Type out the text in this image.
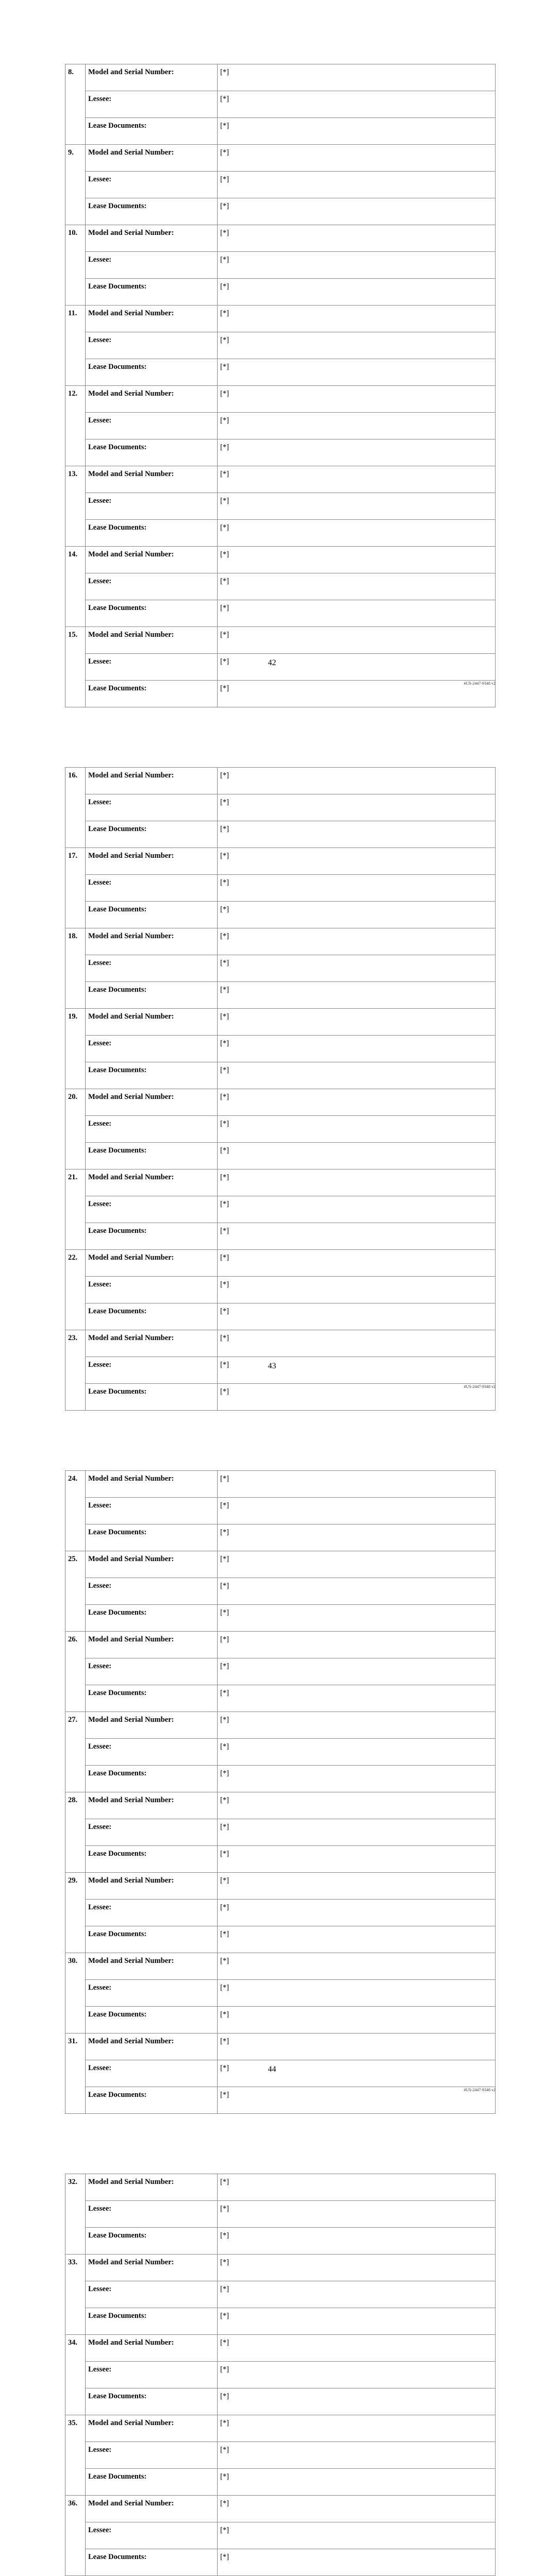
8.	Model and Serial Number:	[*]
	Lessee:	[*]
	Lease Documents:	[*]
9.	Model and Serial Number:	[*]
	Lessee:	[*]
	Lease Documents:	[*]
10.	Model and Serial Number:	[*]
	Lessee:	[*]
	Lease Documents:	[*]
11.	Model and Serial Number:	[*]
	Lessee:	[*]
	Lease Documents:	[*]
12.	Model and Serial Number:	[*]
	Lessee:	[*]
	Lease Documents:	[*]
13.	Model and Serial Number:	[*]
	Lessee:	[*]
	Lease Documents:	[*]
14.	Model and Serial Number:	[*]
	Lessee:	[*]
	Lease Documents:	[*]
15.	Model and Serial Number:	[*]
	Lessee:	[*]
	Lease Documents:	[*]
42
#US-2447-9348 v2
16.	Model and Serial Number:	[*]
	Lessee:	[*]
	Lease Documents:	[*]
17.	Model and Serial Number:	[*]
	Lessee:	[*]
	Lease Documents:	[*]
18.	Model and Serial Number:	[*]
	Lessee:	[*]
	Lease Documents:	[*]
19.	Model and Serial Number:	[*]
	Lessee:	[*]
	Lease Documents:	[*]
20.	Model and Serial Number:	[*]
	Lessee:	[*]
	Lease Documents:	[*]
21.	Model and Serial Number:	[*]
	Lessee:	[*]
	Lease Documents:	[*]
22.	Model and Serial Number:	[*]
	Lessee:	[*]
	Lease Documents:	[*]
23.	Model and Serial Number:	[*]
	Lessee:	[*]
	Lease Documents:	[*]
43
#US-2447-9348 v2
24.	Model and Serial Number:	[*]
	Lessee:	[*]
	Lease Documents:	[*]
25.	Model and Serial Number:	[*]
	Lessee:	[*]
	Lease Documents:	[*]
26.	Model and Serial Number:	[*]
	Lessee:	[*]
	Lease Documents:	[*]
27.	Model and Serial Number:	[*]
	Lessee:	[*]
	Lease Documents:	[*]
28.	Model and Serial Number:	[*]
	Lessee:	[*]
	Lease Documents:	[*]
29.	Model and Serial Number:	[*]
	Lessee:	[*]
	Lease Documents:	[*]
30.	Model and Serial Number:	[*]
	Lessee:	[*]
	Lease Documents:	[*]
31.	Model and Serial Number:	[*]
	Lessee:	[*]
	Lease Documents:	[*]
44
#US-2447-9348 v2
32.	Model and Serial Number:	[*]
	Lessee:	[*]
	Lease Documents:	[*]
33.	Model and Serial Number:	[*]
	Lessee:	[*]
	Lease Documents:	[*]
34.	Model and Serial Number:	[*]
	Lessee:	[*]
	Lease Documents:	[*]
35.	Model and Serial Number:	[*]
	Lessee:	[*]
	Lease Documents:	[*]
36.	Model and Serial Number:	[*]
	Lessee:	[*]
	Lease Documents:	[*]
